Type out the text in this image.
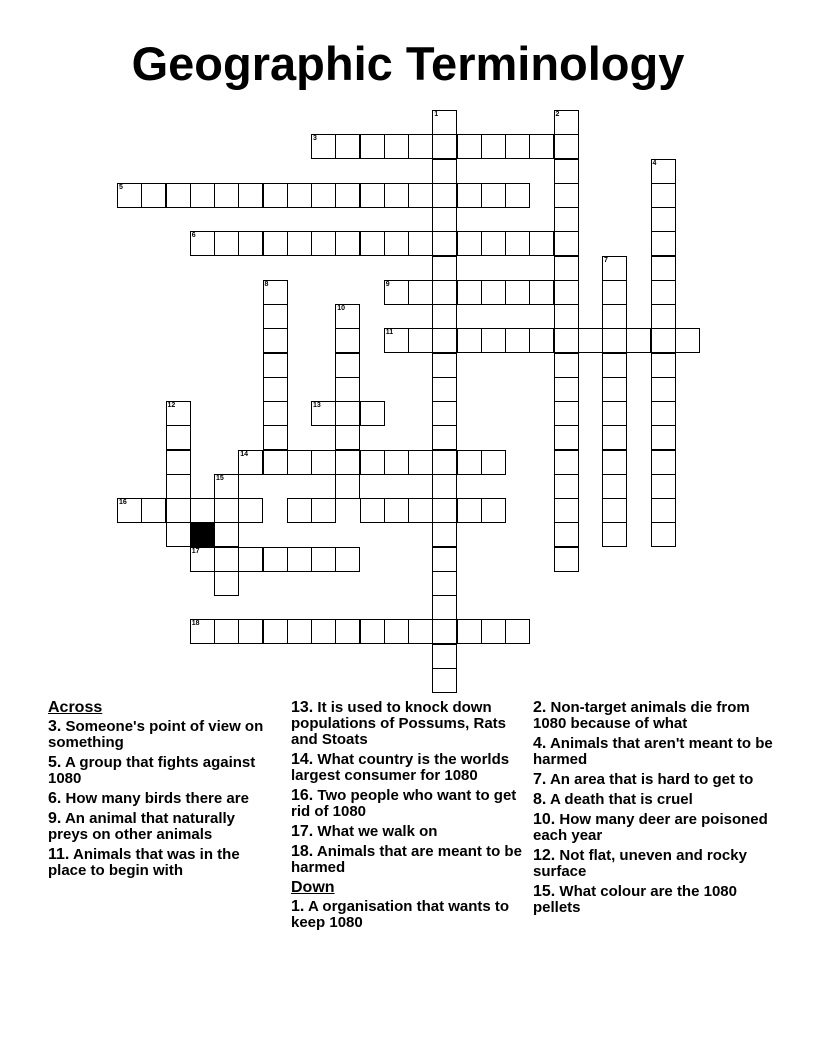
Geographic Terminology
1	2
3
4
5
6
7
8	9
10
11
13
12
14
15
16
17
18
Across
3. Someone's point of view on something
5. A group that fights against 1080
6. How many birds there are
9. An animal that naturally preys on other animals
11. Animals that was in the place to begin with
13. It is used to knock down populations of Possums, Rats and Stoats
14. What country is the worlds largest consumer for 1080
16. Two people who want to get rid of 1080
17. What we walk on
18. Animals that are meant to be harmed
Down
1. A organisation that wants to keep 1080
2. Non-target animals die from 1080 because of what
4. Animals that aren't meant to be harmed
7. An area that is hard to get to
8. A death that is cruel
10. How many deer are poisoned each year
12. Not flat, uneven and rocky surface
15. What colour are the 1080 pellets
